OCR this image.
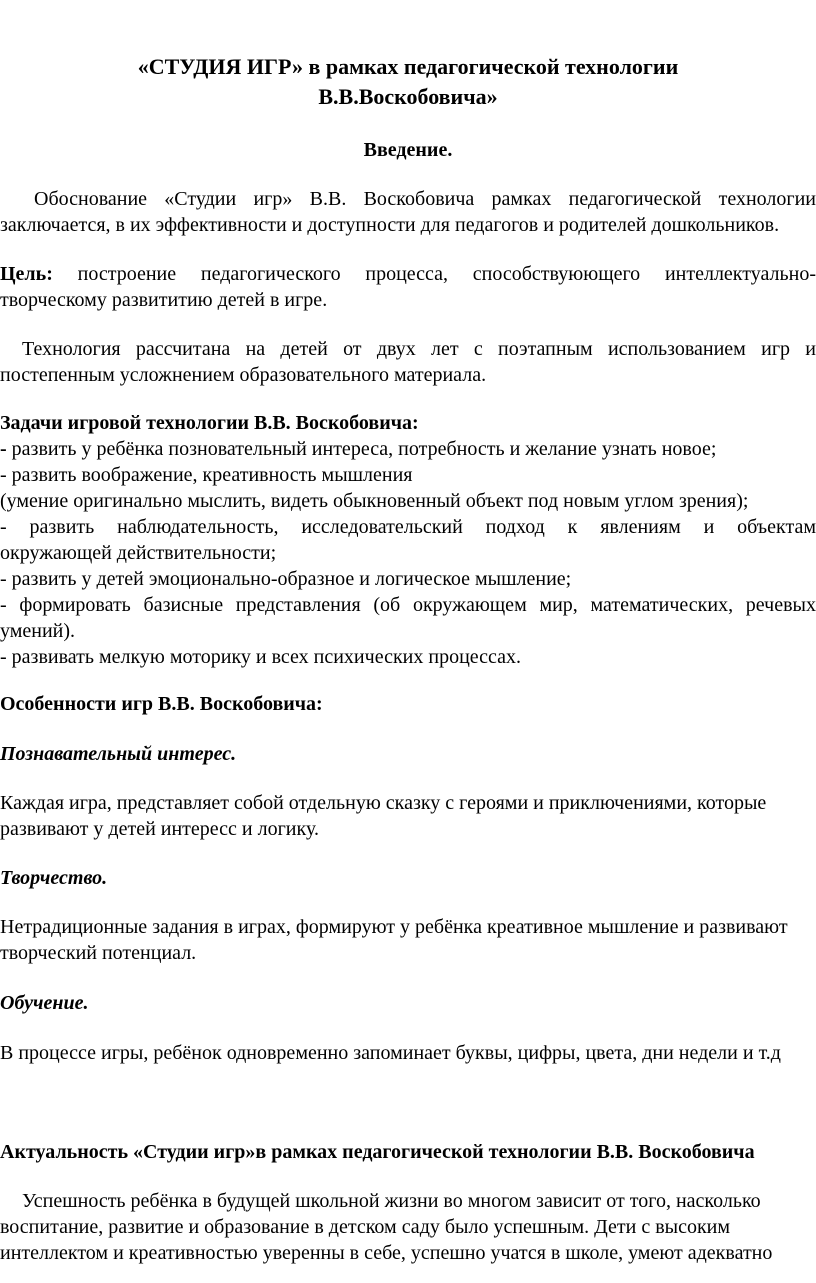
«СТУДИЯ ИГР» в рамках педагогической технологии
В.В.Воскобовича»
Введение.
Обоснование «Студии игр» В.В. Воскобовича рамках педагогической технологии
заключается, в их эффективности и доступности для педагогов и родителей дошкольников.
Цель: построение педагогического процесса, способствуюющего интеллектуально-
творческому развититию детей в игре.
Технология рассчитана на детей от двух лет с поэтапным использованием игр и
постепенным усложнением образовательного материала.
Задачи игровой технологии В.В. Воскобовича:
- развить у ребёнка позновательный интереса, потребность и желание узнать новое;
- развить воображение, креативность мышления
(умение оригинально мыслить, видеть обыкновенный объект под новым углом зрения);
- развить наблюдательность, исследовательский подход к явлениям и объектам
окружающей действительности;
- развить у детей эмоционально-образное и логическое мышление;
- формировать базисные представления (об окружающем мир, математических, речевых
умений).
- развивать мелкую моторику и всех психических процессах.
Особенности игр В.В. Воскобовича:
Познавательный интерес.
Каждая игра, представляет собой отдельную сказку с героями и приключениями, которые
развивают у детей интересс и логику.
Творчество.
Нетрадиционные задания в играх, формируют у ребёнка креативное мышление и развивают
творческий потенциал.
Обучение.
В процессе игры, ребёнок одновременно запоминает буквы, цифры, цвета, дни недели и т.д
Актуальность «Студии игр»в рамках педагогической технологии В.В. Воскобовича
Успешность ребёнка в будущей школьной жизни во многом зависит от того, насколько
воспитание, развитие и образование в детском саду было успешным. Дети с высоким
интеллектом и креативностью уверенны в себе, успешно учатся в школе, умеют адекватно
